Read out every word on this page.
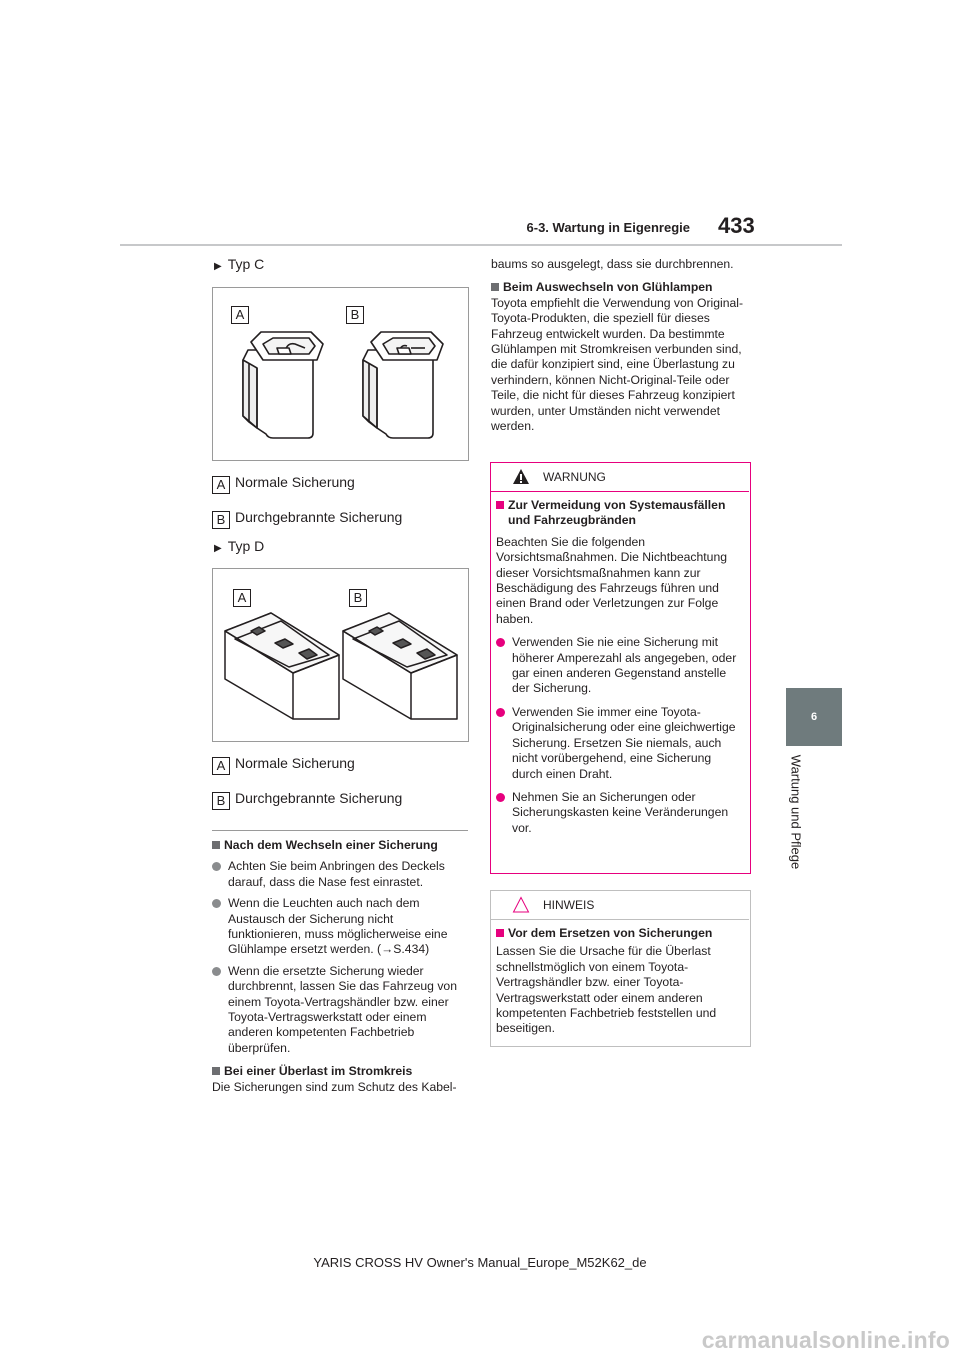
6-3. Wartung in Eigenregie 433
6
Wartung und Pflege
▶ Typ C
A	B
A Normale Sicherung
B Durchgebrannte Sicherung
▶ Typ D
A	B
A Normale Sicherung
B Durchgebrannte Sicherung
Nach dem Wechseln einer Sicherung
Achten Sie beim Anbringen des Deckels darauf, dass die Nase fest einrastet.
Wenn die Leuchten auch nach dem Austausch der Sicherung nicht funktionieren, muss möglicherweise eine Glühlampe ersetzt werden. (→S.434)
Wenn die ersetzte Sicherung wieder durchbrennt, lassen Sie das Fahrzeug von einem Toyota-Vertragshändler bzw. einer Toyota-Vertragswerkstatt oder einem anderen kompetenten Fachbetrieb überprüfen.
Bei einer Überlast im Stromkreis
Die Sicherungen sind zum Schutz des Kabel-
baums so ausgelegt, dass sie durchbrennen.
Beim Auswechseln von Glühlampen
Toyota empfiehlt die Verwendung von Original-Toyota-Produkten, die speziell für dieses Fahrzeug entwickelt wurden. Da bestimmte Glühlampen mit Stromkreisen verbunden sind, die dafür konzipiert sind, eine Überlastung zu verhindern, können Nicht-Original-Teile oder Teile, die nicht für dieses Fahrzeug konzipiert wurden, unter Umständen nicht verwendet werden.
WARNUNG
Zur Vermeidung von Systemausfällen und Fahrzeugbränden
Beachten Sie die folgenden Vorsichtsmaßnahmen. Die Nichtbeachtung dieser Vorsichtsmaßnahmen kann zur Beschädigung des Fahrzeugs führen und einen Brand oder Verletzungen zur Folge haben.
Verwenden Sie nie eine Sicherung mit höherer Amperezahl als angegeben, oder gar einen anderen Gegenstand anstelle der Sicherung.
Verwenden Sie immer eine Toyota-Originalsicherung oder eine gleichwertige Sicherung. Ersetzen Sie niemals, auch nicht vorübergehend, eine Sicherung durch einen Draht.
Nehmen Sie an Sicherungen oder Sicherungskasten keine Veränderungen vor.
HINWEIS
Vor dem Ersetzen von Sicherungen
Lassen Sie die Ursache für die Überlast schnellstmöglich von einem Toyota-Vertragshändler bzw. einer Toyota-Vertragswerkstatt oder einem anderen kompetenten Fachbetrieb feststellen und beseitigen.
YARIS CROSS HV Owner's Manual_Europe_M52K62_de
carmanualsonline.info
